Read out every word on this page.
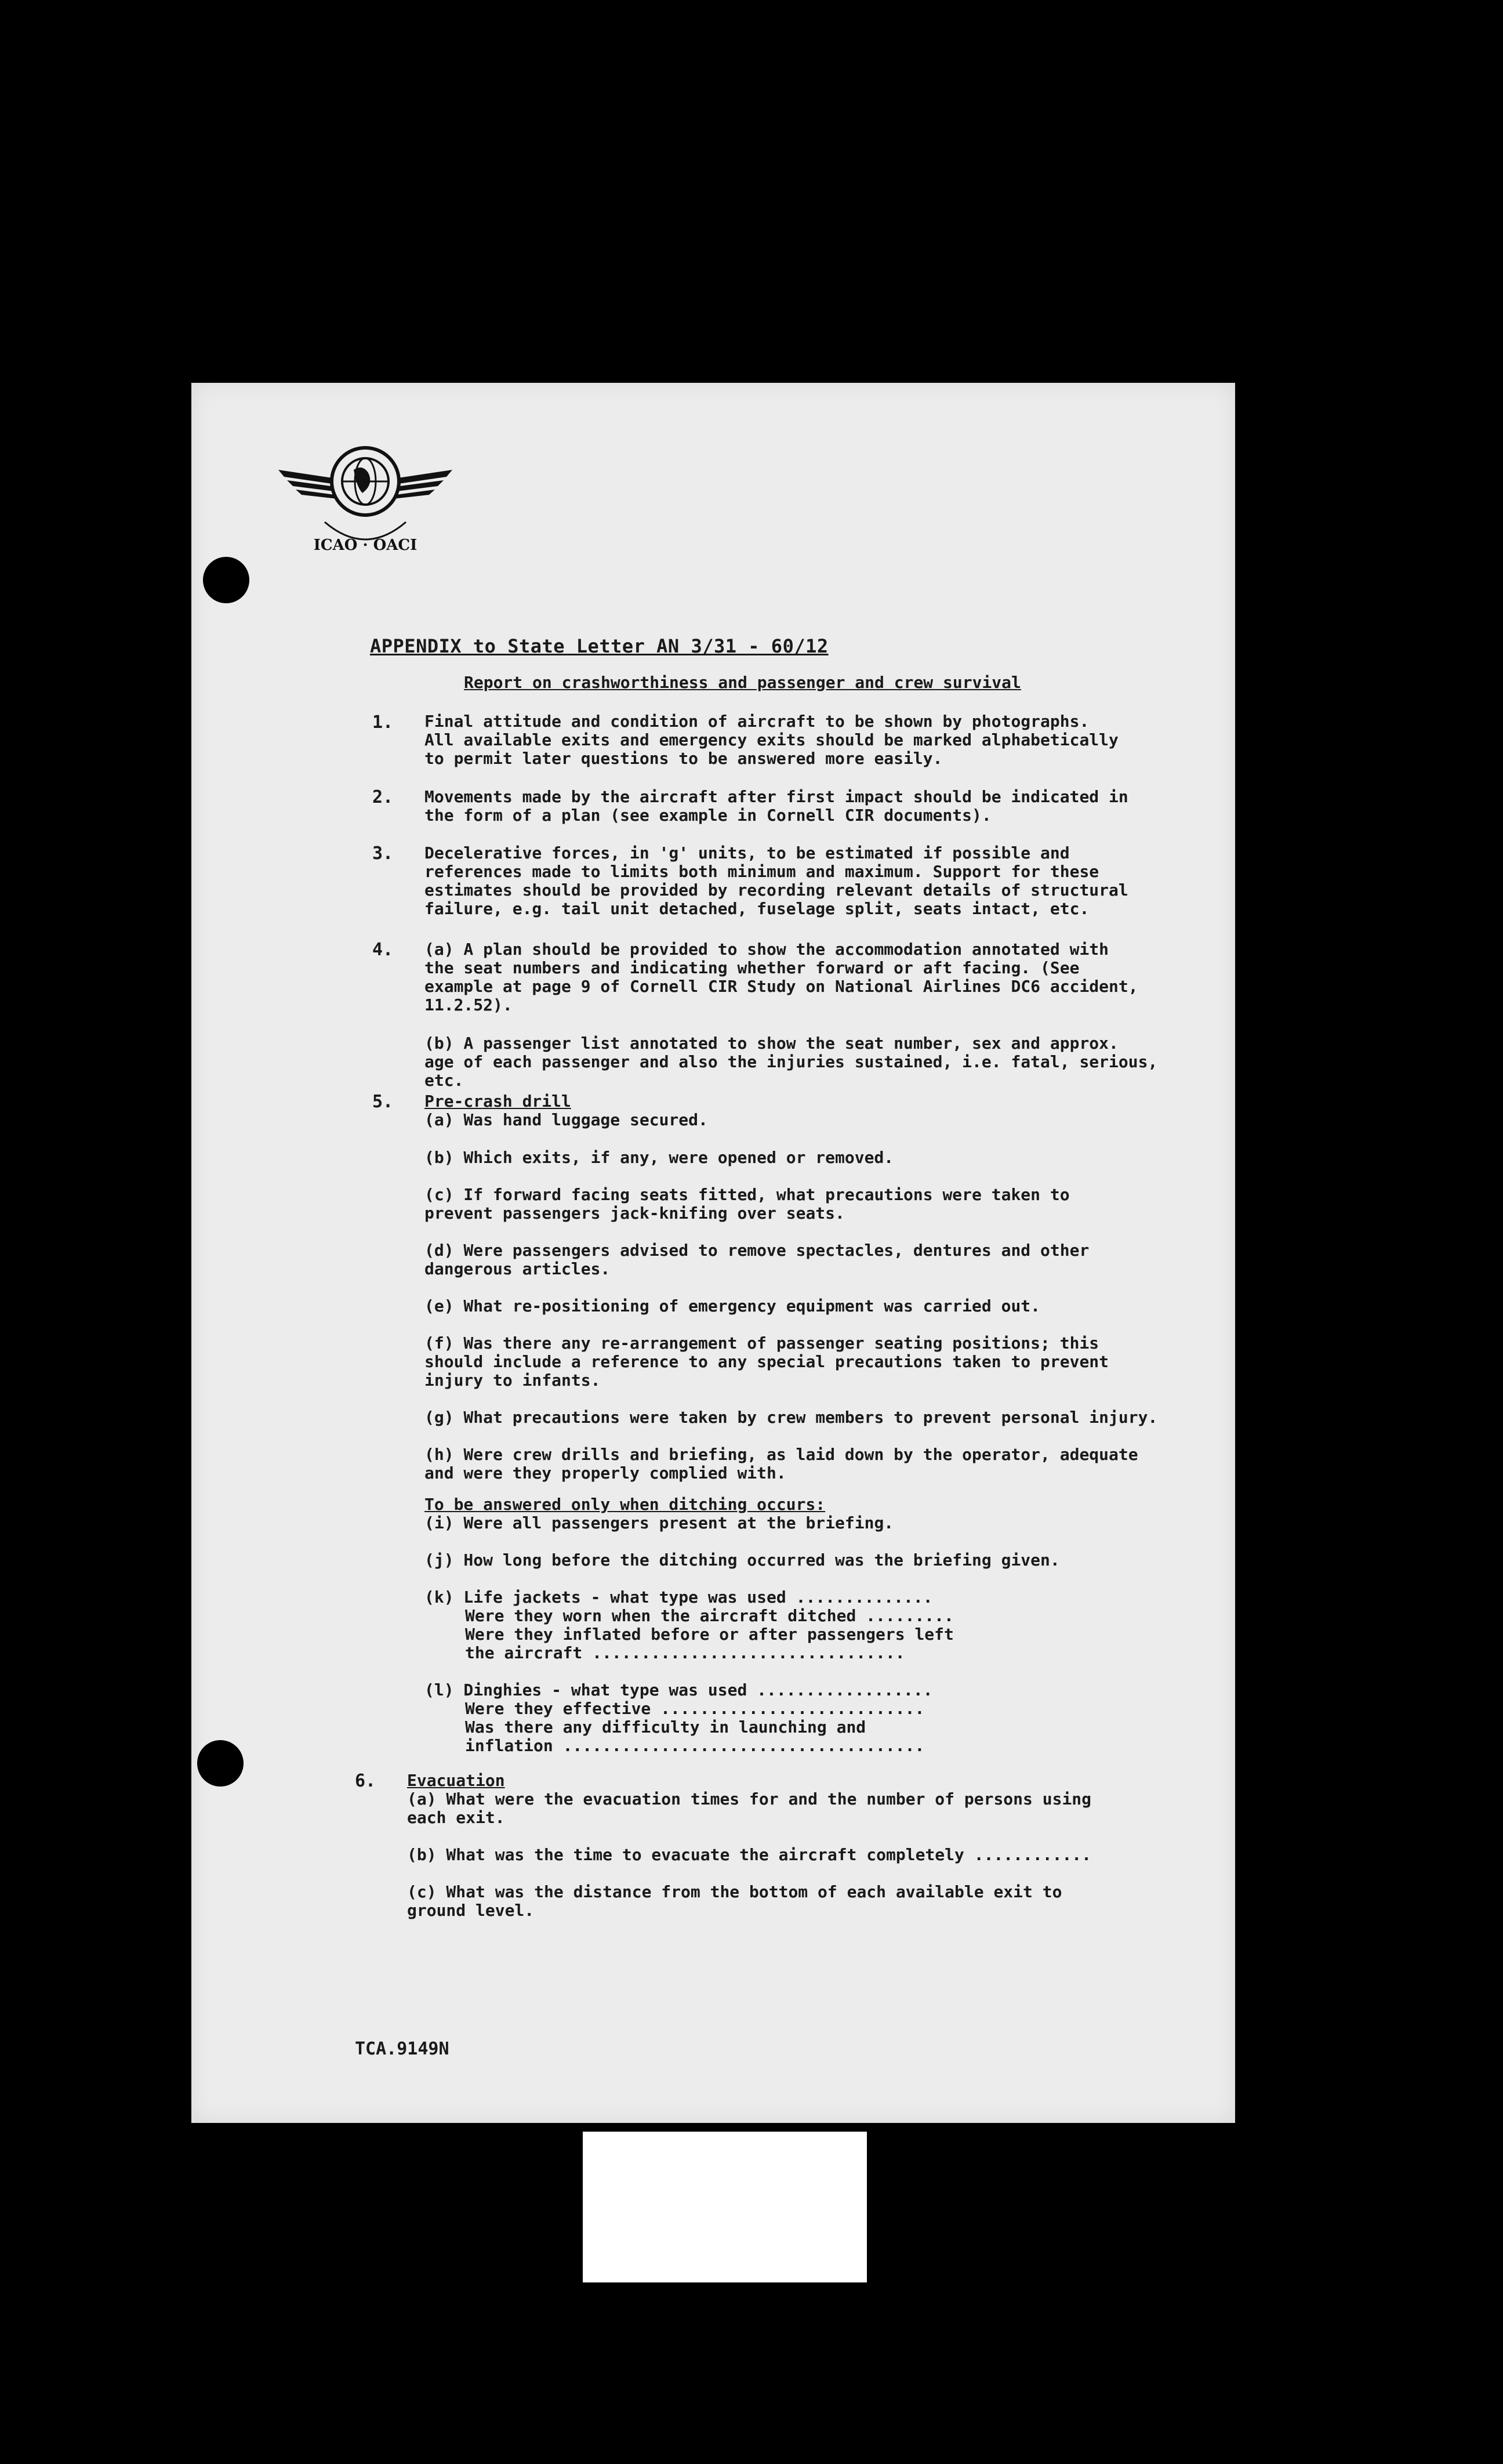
ICAO · OACI
APPENDIX to State Letter AN 3/31 - 60/12
Report on crashworthiness and passenger and crew survival
1. Final attitude and condition of aircraft to be shown by photographs.
All available exits and emergency exits should be marked alphabetically
to permit later questions to be answered more easily.
2. Movements made by the aircraft after first impact should be indicated in
the form of a plan (see example in Cornell CIR documents).
3. Decelerative forces, in 'g' units, to be estimated if possible and
references made to limits both minimum and maximum. Support for these
estimates should be provided by recording relevant details of structural
failure, e.g. tail unit detached, fuselage split, seats intact, etc.
4. (a) A plan should be provided to show the accommodation annotated with
the seat numbers and indicating whether forward or aft facing. (See
example at page 9 of Cornell CIR Study on National Airlines DC6 accident,
11.2.52).
(b) A passenger list annotated to show the seat number, sex and approx.
age of each passenger and also the injuries sustained, i.e. fatal, serious,
etc.
5. Pre-crash drill
(a) Was hand luggage secured.
(b) Which exits, if any, were opened or removed.
(c) If forward facing seats fitted, what precautions were taken to
prevent passengers jack-knifing over seats.
(d) Were passengers advised to remove spectacles, dentures and other
dangerous articles.
(e) What re-positioning of emergency equipment was carried out.
(f) Was there any re-arrangement of passenger seating positions; this
should include a reference to any special precautions taken to prevent
injury to infants.
(g) What precautions were taken by crew members to prevent personal injury.
(h) Were crew drills and briefing, as laid down by the operator, adequate
and were they properly complied with.
To be answered only when ditching occurs:
(i) Were all passengers present at the briefing.
(j) How long before the ditching occurred was the briefing given.
(k) Life jackets - what type was used ..............
Were they worn when the aircraft ditched .........
Were they inflated before or after passengers left
the aircraft ................................
(l) Dinghies - what type was used ..................
Were they effective ...........................
Was there any difficulty in launching and
inflation .....................................
6. Evacuation
(a) What were the evacuation times for and the number of persons using
each exit.
(b) What was the time to evacuate the aircraft completely ............
(c) What was the distance from the bottom of each available exit to
ground level.
TCA.9149N
